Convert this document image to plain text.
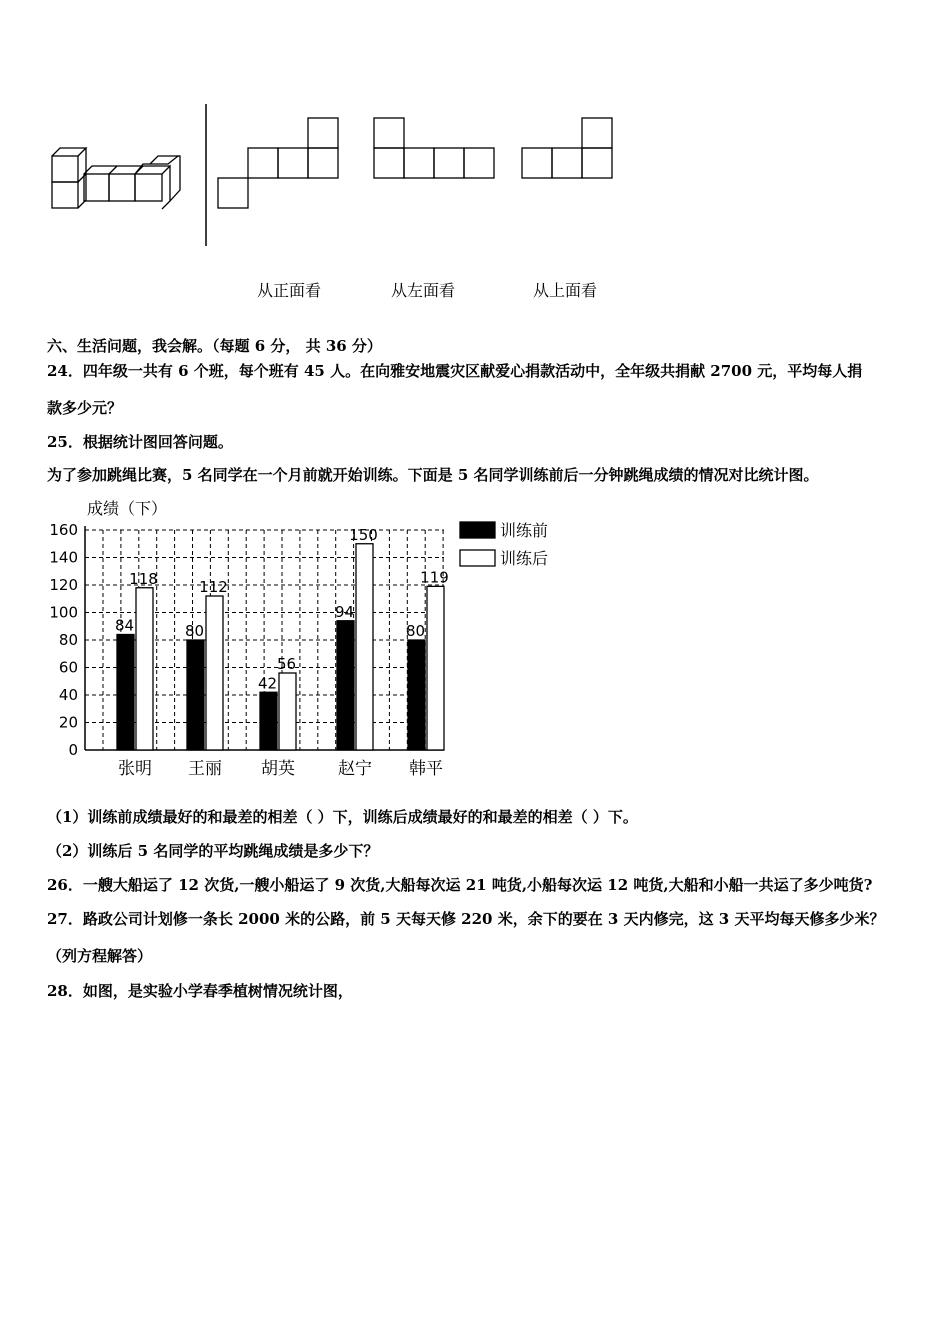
从正面看	从左面看	从上面看
六、生活问题，我会解。（每题 6 分， 共 36 分）
24．四年级一共有 6 个班，每个班有 45 人。在向雅安地震灾区献爱心捐款活动中，全年级共捐献 2700 元，平均每人捐
款多少元？
25．根据统计图回答问题。
为了参加跳绳比赛，5 名同学在一个月前就开始训练。下面是 5 名同学训练前后一分钟跳绳成绩的情况对比统计图。
0
20
40
60
80
100
120
140
160
成绩（下）
84
118
张明
80
112
王丽
42
56
胡英
94
150
赵宁
80
119
韩平
训练前
训练后
（1）训练前成绩最好的和最差的相差（ ）下，训练后成绩最好的和最差的相差（ ）下。
（2）训练后 5 名同学的平均跳绳成绩是多少下？
26．一艘大船运了 12 次货,一艘小船运了 9 次货,大船每次运 21 吨货,小船每次运 12 吨货,大船和小船一共运了多少吨货?
27．路政公司计划修一条长 2000 米的公路，前 5 天每天修 220 米，余下的要在 3 天内修完，这 3 天平均每天修多少米？
（列方程解答）
28．如图，是实验小学春季植树情况统计图，
